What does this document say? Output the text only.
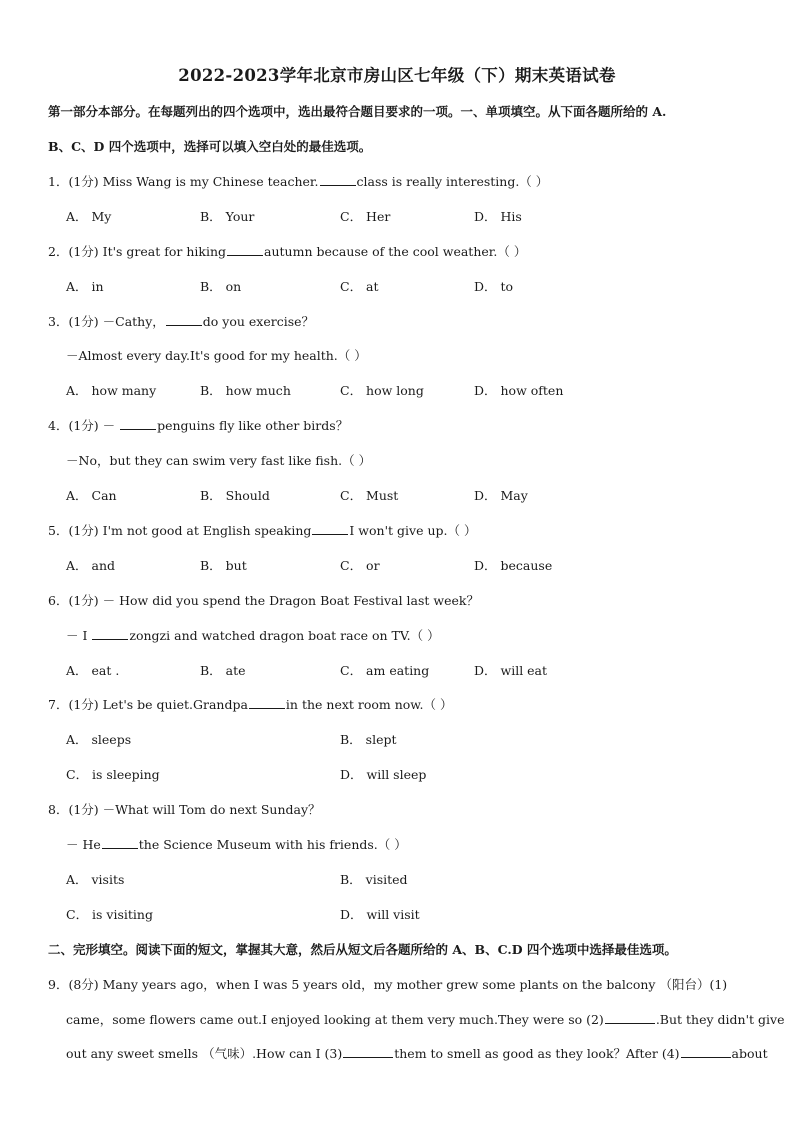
2022-2023学年北京市房山区七年级（下）期末英语试卷
第一部分本部分。在每题列出的四个选项中，选出最符合题目要求的一项。一、单项填空。从下面各题所给的 A.
B、C、D 四个选项中，选择可以填入空白处的最佳选项。
1．(1分) Miss Wang is my Chinese teacher.	class is really interesting.（ ）
A． My	B． Your	C． Her	D． His
2．(1分) It's great for hiking	autumn because of the cool weather.（ ）
A． in	B． on	C． at	D． to
3．(1分) －Cathy，	do you exercise？
－Almost every day.It's good for my health.（ ）
A． how many	B． how much	C． how long	D． how often
4．(1分) －	penguins fly like other birds？
－No，but they can swim very fast like fish.（ ）
A． Can	B． Should	C． Must	D． May
5．(1分) I'm not good at English speaking	I won't give up.（ ）
A． and	B． but	C． or	D． because
6．(1分) － How did you spend the Dragon Boat Festival last week？
－ I	zongzi and watched dragon boat race on TV.（ ）
A． eat .	B． ate	C． am eating	D． will eat
7．(1分) Let's be quiet.Grandpa	in the next room now.（ ）
A． sleeps	B． slept
C． is sleeping	D． will sleep
8．(1分) －What will Tom do next Sunday？
－ He	the Science Museum with his friends.（ ）
A． visits	B． visited
C． is visiting	D． will visit
二、完形填空。阅读下面的短文，掌握其大意，然后从短文后各题所给的 A、B、C.D 四个选项中选择最佳选项。
9．(8分) Many years ago，when I was 5 years old，my mother grew some plants on the balcony （阳台）(1)
came，some flowers came out.I enjoyed looking at them very much.They were so (2)	.But they didn't give
out any sweet smells （气味）.How can I (3)	them to smell as good as they look？After (4)	about
